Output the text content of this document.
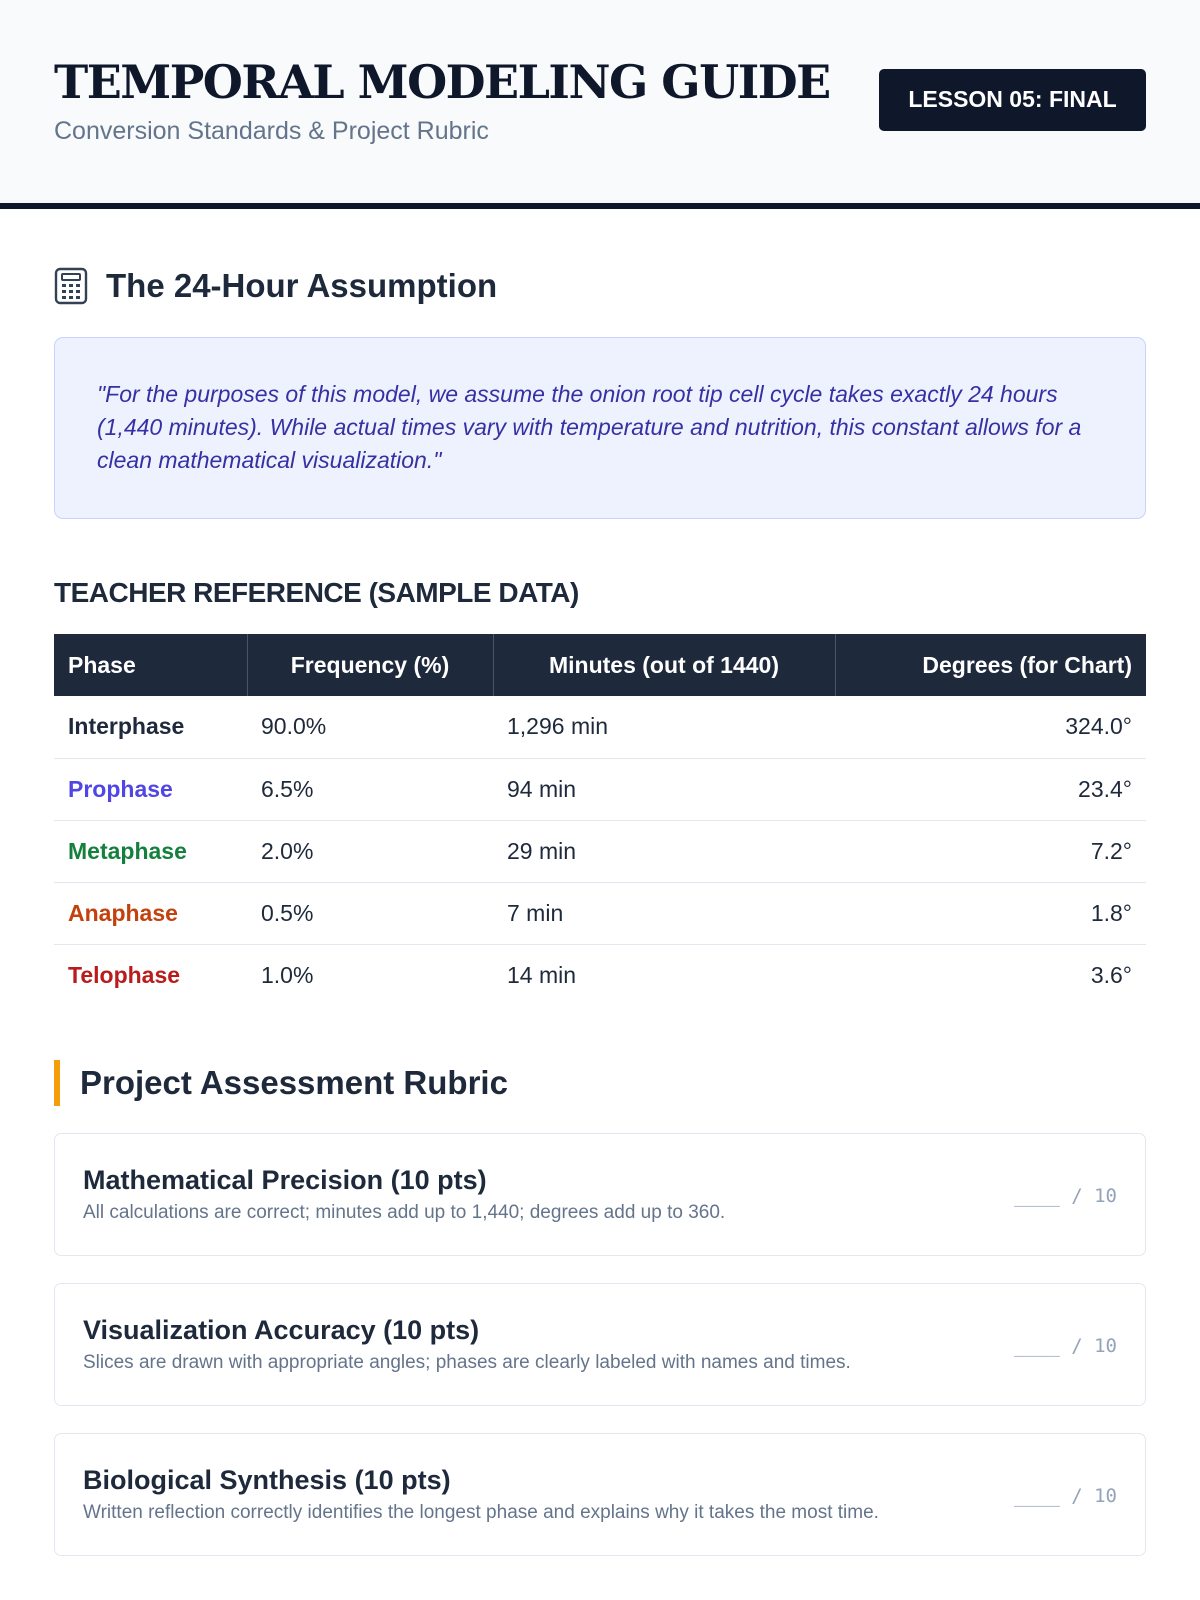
TEMPORAL MODELING GUIDE
Conversion Standards & Project Rubric
LESSON 05: FINAL
The 24-Hour Assumption

"For the purposes of this model, we assume the onion root tip cell cycle takes exactly 24 hours (1,440 minutes). While actual times vary with temperature and nutrition, this constant allows for a clean mathematical visualization."

TEACHER REFERENCE (SAMPLE DATA)
Phase	Frequency (%)	Minutes (out of 1440)	Degrees (for Chart)
Interphase	90.0%	1,296 min	324.0°
Prophase	6.5%	94 min	23.4°
Metaphase	2.0%	29 min	7.2°
Anaphase	0.5%	7 min	1.8°
Telophase	1.0%	14 min	3.6°
Project Assessment Rubric
Mathematical Precision (10 pts)
All calculations are correct; minutes add up to 1,440; degrees add up to 360.
____ / 10
Visualization Accuracy (10 pts)
Slices are drawn with appropriate angles; phases are clearly labeled with names and times.
____ / 10
Biological Synthesis (10 pts)
Written reflection correctly identifies the longest phase and explains why it takes the most time.
____ / 10
